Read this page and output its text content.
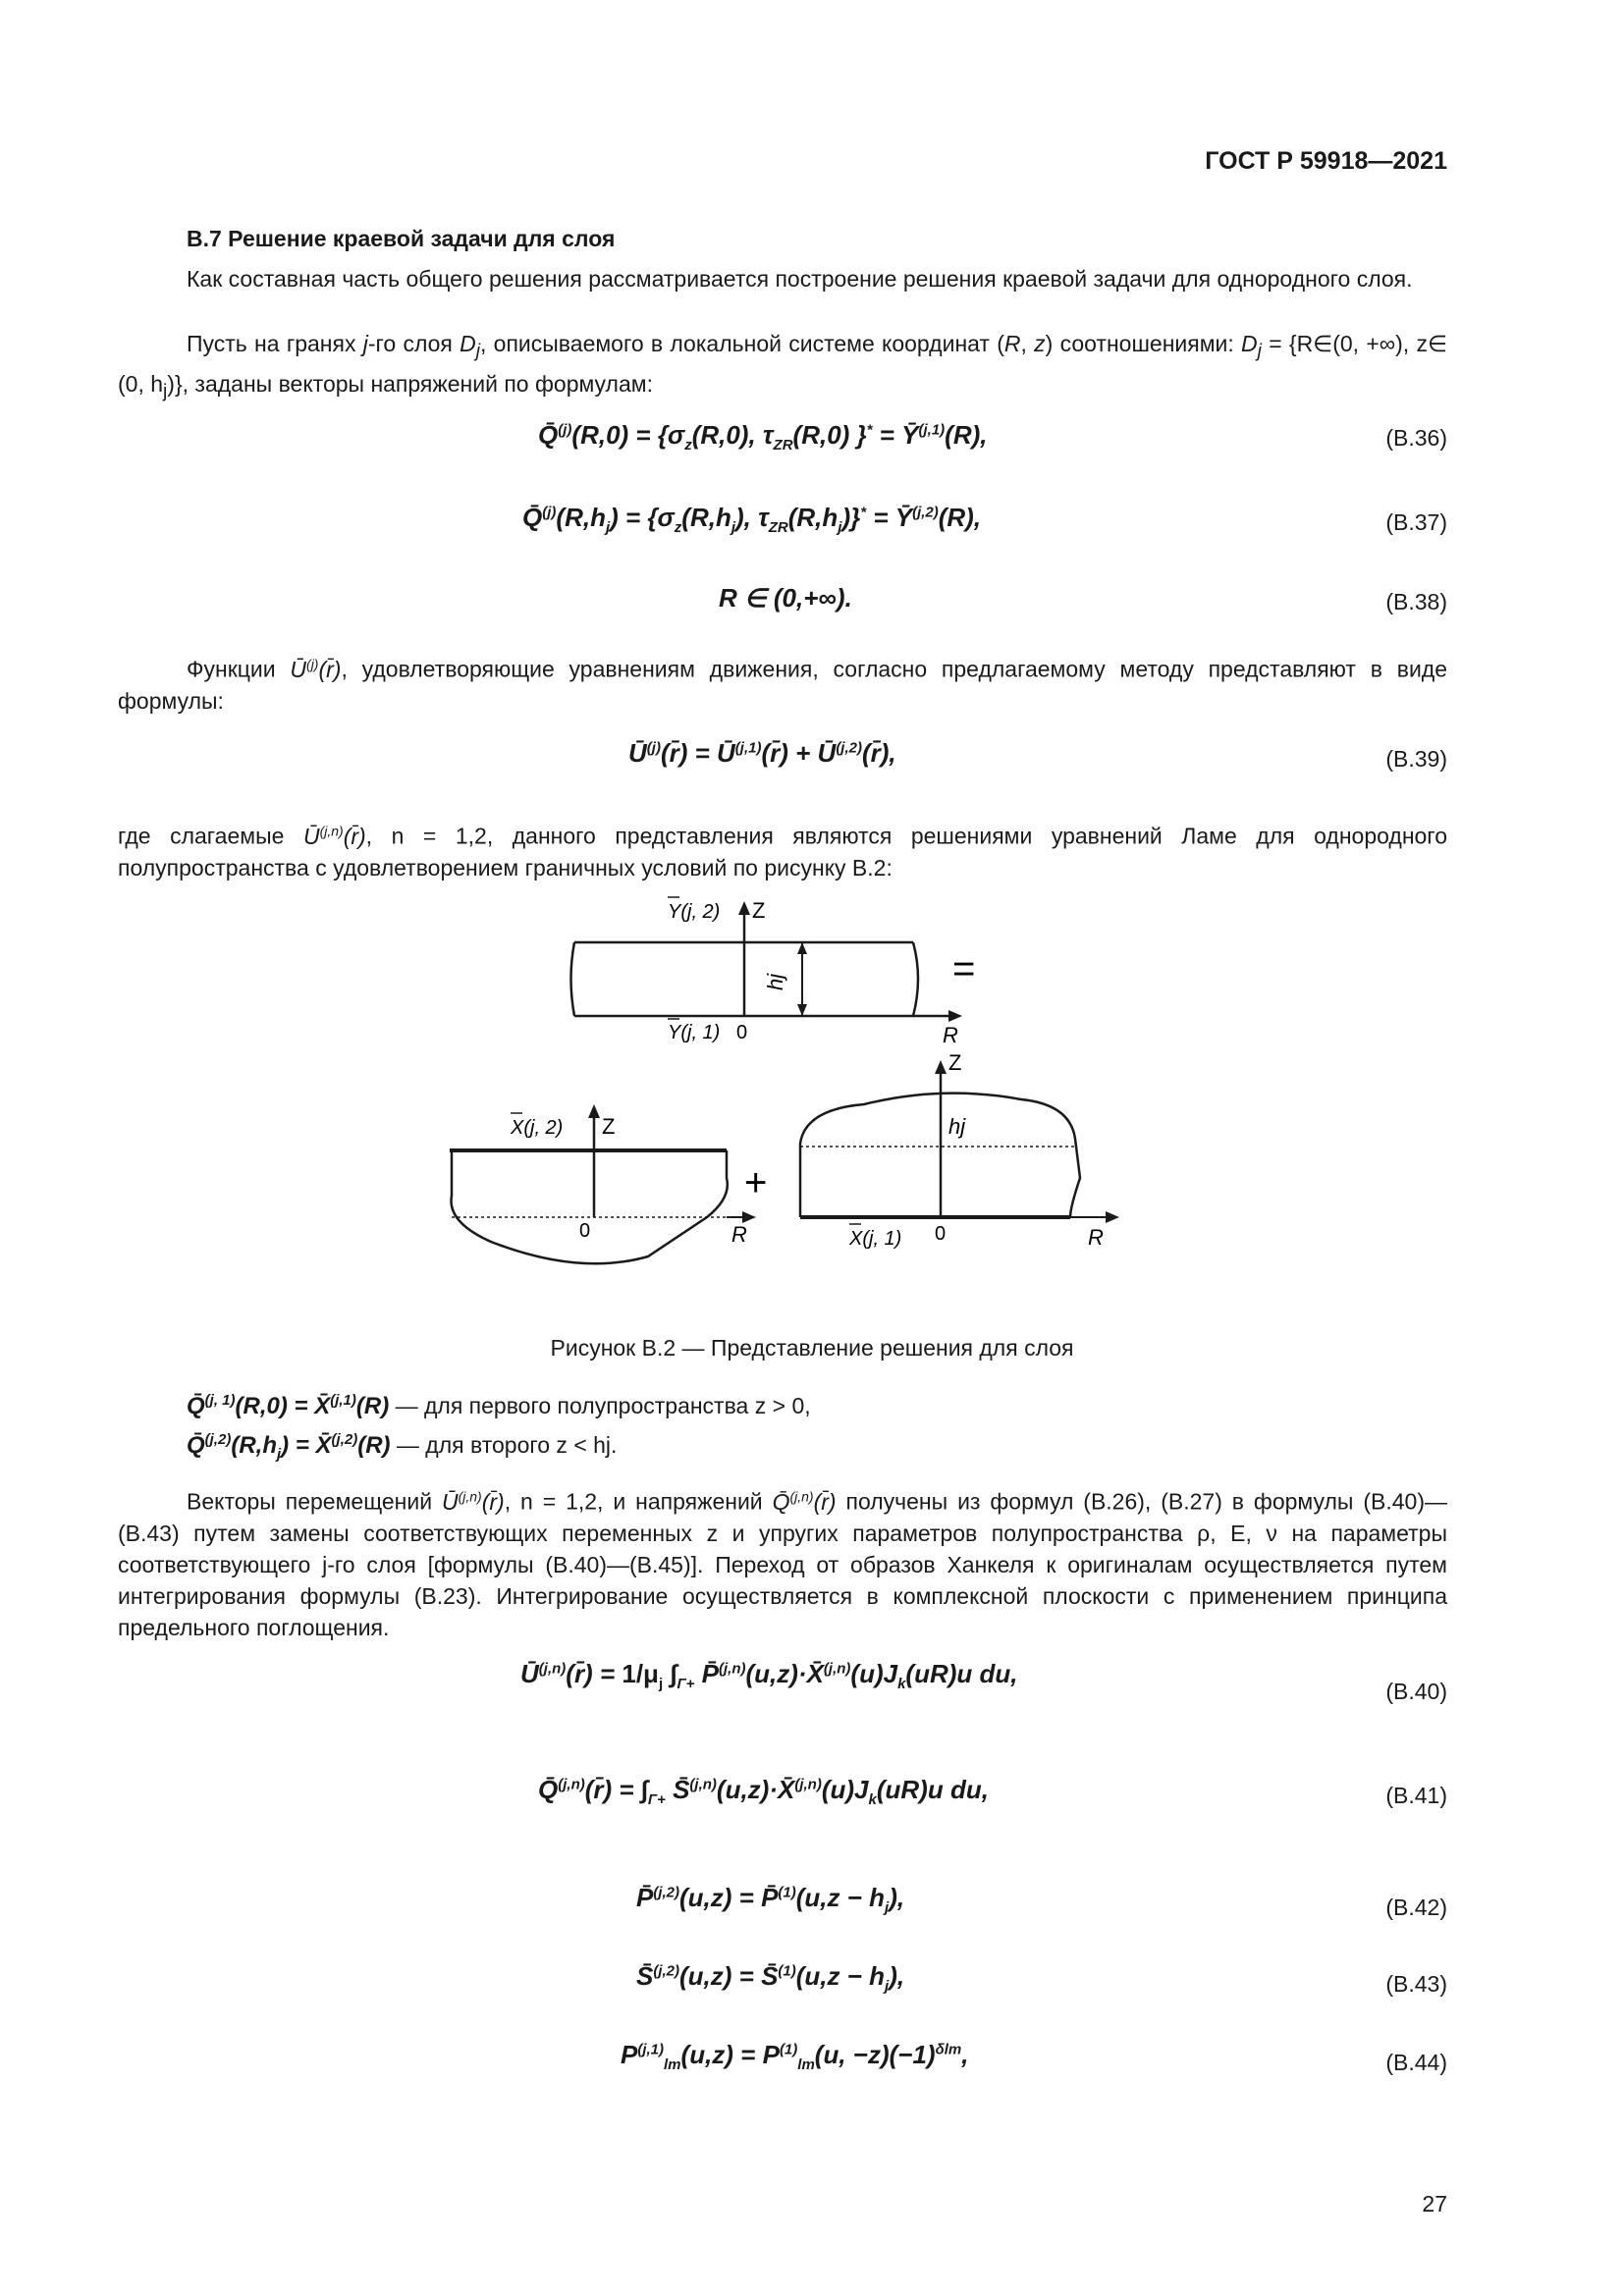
ГОСТ Р 59918—2021
В.7 Решение краевой задачи для слоя
Как составная часть общего решения рассматривается построение решения краевой задачи для однородного слоя.
Пусть на гранях j-го слоя $D_j$, описываемого в локальной системе координат (R, z) соотношениями: $D_j$ = {R∈(0, +∞), z∈ (0, $h_j$)}, заданы векторы напряжений по формулам:
Q̄$^{(j)}$(R,0) = {$\sigma_z(R,0)$, $\tau_{ZR}(R,0) \}^*$ = Ȳ$^{(j,1)}$(R),	(В.36)
$Q̄^{(j)}(R,h_j) = \{\sigma_z(R,h_j)$, $\tau_{ZR}(R,h_j)\}^*$ = Ȳ$^{(j,2)}$(R),	(В.37)
R ∈ (0,+∞).	(В.38)
Функции Ū$^{(j)}$(r̄), удовлетворяющие уравнениям движения, согласно предлагаемому методу представляют в виде формулы:
Ū$^{(j)}$(r̄) = Ū$^{(j,1)}$(r̄) + Ū$^{(j,2)}$(r̄),	(В.39)
где слагаемые Ū$^{(j,n)}$(r̄), n = 1,2, данного представления являются решениями уравнений Ламе для однородного полупространства с удовлетворением граничных условий по рисунку В.2:
hj
Y(j, 2) Z
Y(j, 1) 0	R
=
X(j, 2) Z
0	R
+
Z
hj
X(j, 1) 0	R
Рисунок В.2 — Представление решения для слоя
Q̄$^{(j, 1)}$(R,0) = X̄$^{(j,1)}$(R) — для первого полупространства z > 0,
$Q̄^{(j,2)}(R,h_j)$ = X̄$^{(j,2)}$(R) — для второго z < hj.
Векторы перемещений Ū$^{(j,n)}$(r̄), n = 1,2, и напряжений Q̄$^{(j,n)}$(r̄) получены из формул (В.26), (В.27) в формулы (В.40)—(В.43) путем замены соответствующих переменных z и упругих параметров полупространства ρ, E, ν на параметры соответствующего j-го слоя [формулы (В.40)—(В.45)]. Переход от образов Ханкеля к оригиналам осуществляется путем интегрирования формулы (В.23). Интегрирование осуществляется в комплексной плоскости с применением принципа предельного поглощения.
Ū$^{(j,n)}$(r̄) = $1/\mu_j$ $\int_{\Gamma+}$ $P̄^{(j,n)}(u,z)\cdot X̄^{(j,n)}(u)J_k(uR)u$ du,
(В.40)
Q̄$^{(j,n)}$(r̄) = $\int_{\Gamma+}$ $S̄^{(j,n)}(u,z)\cdot X̄^{(j,n)}(u)J_k(uR)u$ du,	(В.41)
P̄$^{(j,2)}$(u,z) = P̄$^{(1)}$(u,z − $h_j$),	(В.42)
S̄$^{(j,2)}$(u,z) = S̄$^{(1)}$(u,z − $h_j$),	(В.43)
$P^{(j,1)}_{lm}(u,z) = P^{(1)}_{lm}(u$, $-z)(-1)^{\delta lm}$,	(В.44)
27
